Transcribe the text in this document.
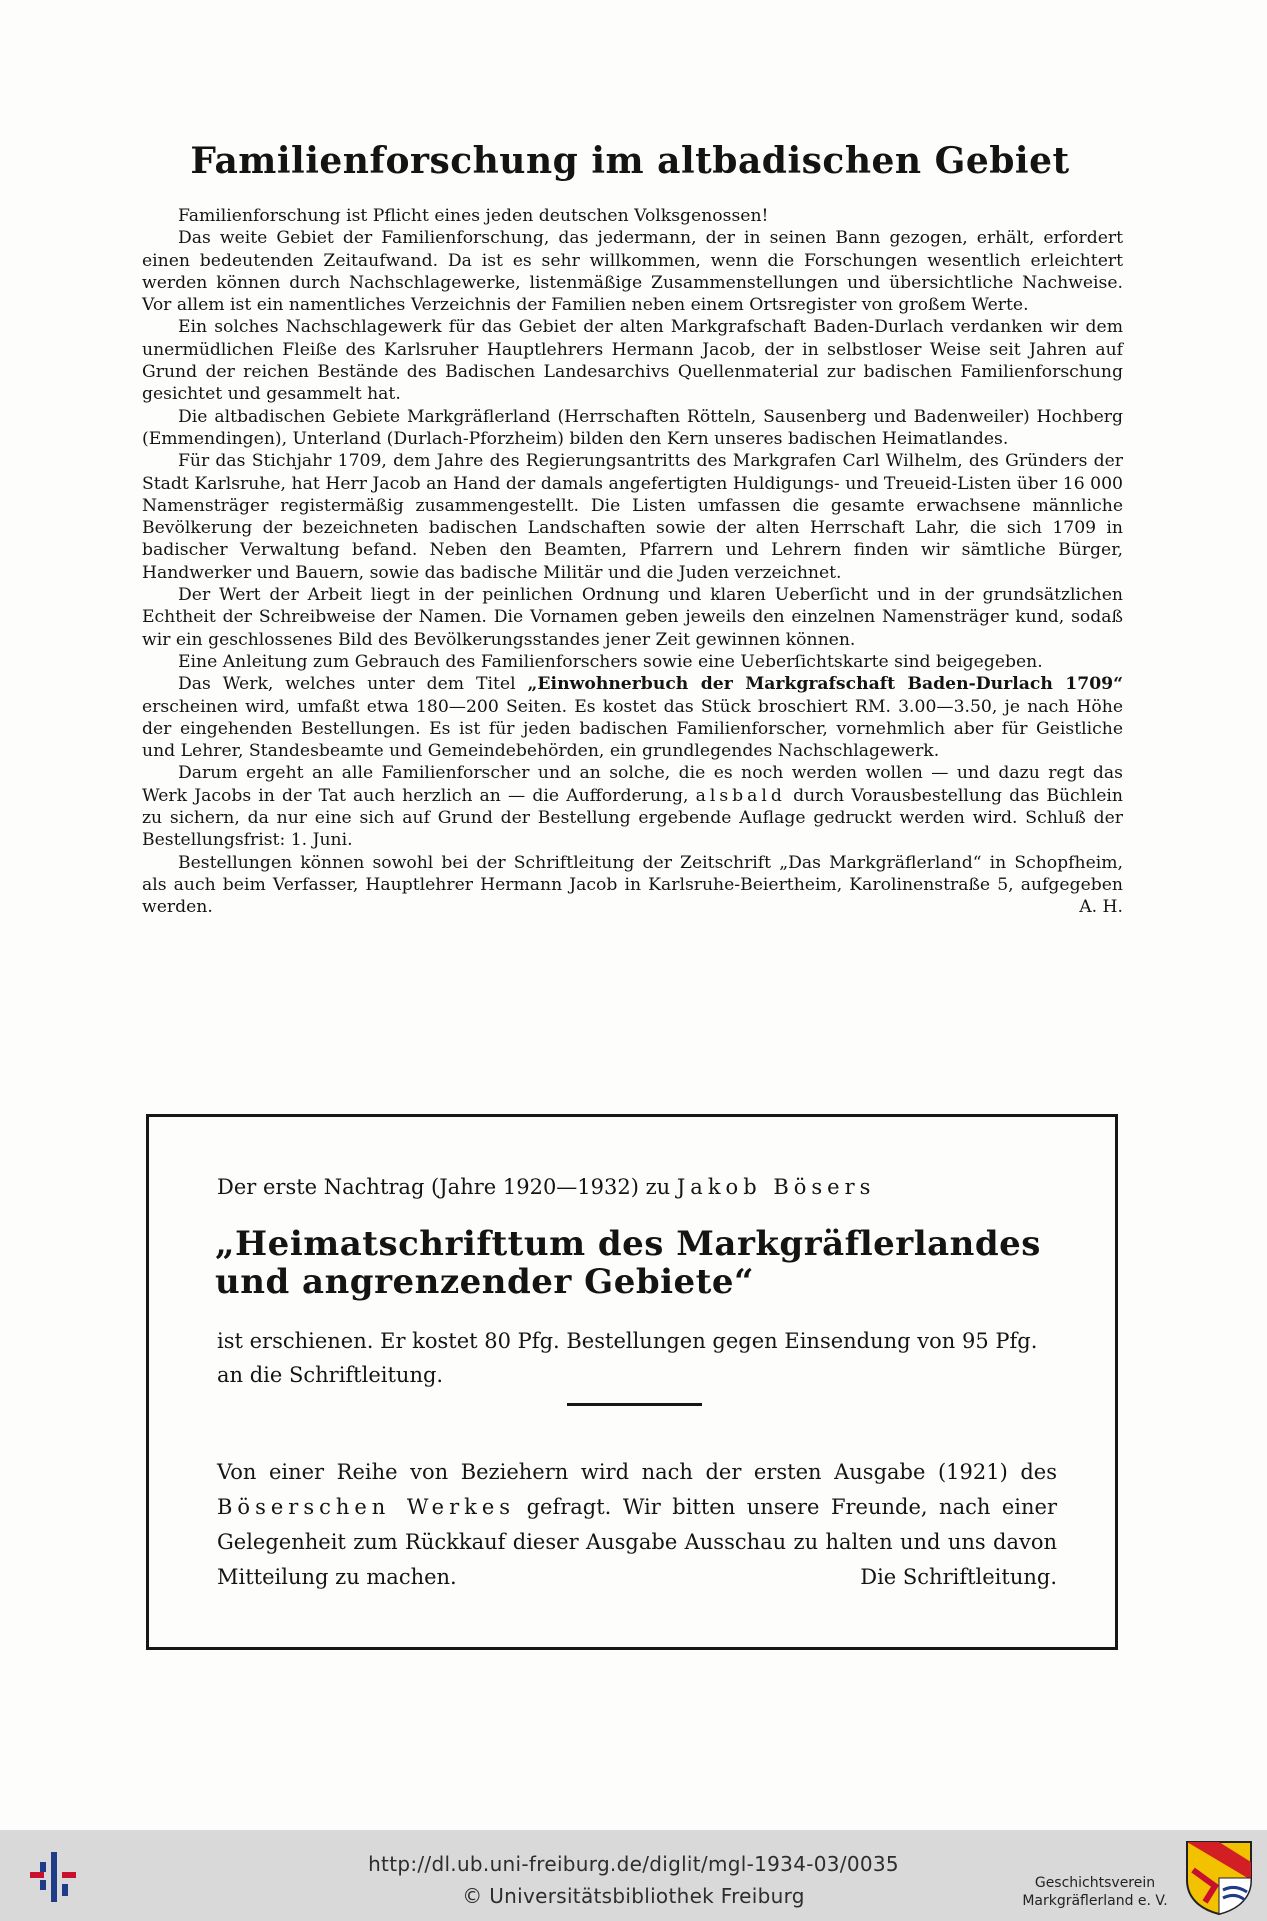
Familienforschung im altbadischen Gebiet

Familienforschung ist Pflicht eines jeden deutschen Volksgenossen!

Das weite Gebiet der Familienforschung, das jedermann, der in seinen Bann gezogen, erhält, erfordert einen bedeutenden Zeitaufwand. Da ist es sehr willkommen, wenn die Forschungen wesentlich erleichtert werden können durch Nachschlagewerke, listenmäßige Zusammenstellungen und übersichtliche Nachweise. Vor allem ist ein namentliches Verzeichnis der Familien neben einem Ortsregister von großem Werte.

Ein solches Nachschlagewerk für das Gebiet der alten Markgrafschaft Baden-Durlach verdanken wir dem unermüdlichen Fleiße des Karlsruher Hauptlehrers Hermann Jacob, der in selbstloser Weise seit Jahren auf Grund der reichen Bestände des Badischen Landesarchivs Quellenmaterial zur badischen Familienforschung gesichtet und gesammelt hat.

Die altbadischen Gebiete Markgräflerland (Herrschaften Rötteln, Sausenberg und Badenweiler) Hochberg (Emmendingen), Unterland (Durlach-Pforzheim) bilden den Kern unseres badischen Heimatlandes.

Für das Stichjahr 1709, dem Jahre des Regierungsantritts des Markgrafen Carl Wilhelm, des Gründers der Stadt Karlsruhe, hat Herr Jacob an Hand der damals angefertigten Huldigungs- und Treueid-Listen über 16 000 Namensträger registermäßig zusammengestellt. Die Listen umfassen die gesamte erwachsene männliche Bevölkerung der bezeichneten badischen Landschaften sowie der alten Herrschaft Lahr, die sich 1709 in badischer Verwaltung befand. Neben den Beamten, Pfarrern und Lehrern finden wir sämtliche Bürger, Handwerker und Bauern, sowie das badische Militär und die Juden verzeichnet.

Der Wert der Arbeit liegt in der peinlichen Ordnung und klaren Ueberſicht und in der grundsätzlichen Echtheit der Schreibweise der Namen. Die Vornamen geben jeweils den einzelnen Namensträger kund, sodaß wir ein geschlossenes Bild des Bevölkerungsstandes jener Zeit gewinnen können.

Eine Anleitung zum Gebrauch des Familienforschers sowie eine Ueberſichtskarte sind beigegeben.

Das Werk, welches unter dem Titel „Einwohnerbuch der Markgrafschaft Baden-Durlach 1709“ erscheinen wird, umfaßt etwa 180—200 Seiten. Es kostet das Stück broschiert RM. 3.00—3.50, je nach Höhe der eingehenden Bestellungen. Es ist für jeden badischen Familienforscher, vornehmlich aber für Geistliche und Lehrer, Standesbeamte und Gemeindebehörden, ein grundlegendes Nachschlagewerk.

Darum ergeht an alle Familienforscher und an solche, die es noch werden wollen — und dazu regt das Werk Jacobs in der Tat auch herzlich an — die Aufforderung, alsbald durch Vorausbestellung das Büchlein zu sichern, da nur eine sich auf Grund der Bestellung ergebende Auflage gedruckt werden wird. Schluß der Bestellungsfrist: 1. Juni.

Bestellungen können sowohl bei der Schriftleitung der Zeitschrift „Das Markgräflerland“ in Schopfheim, als auch beim Verfasser, Hauptlehrer Hermann Jacob in Karlsruhe-Beiertheim, Karolinenstraße 5, aufgegeben werden.	A. H.

Der erste Nachtrag (Jahre 1920—1932) zu Jakob Bösers
„Heimatschrifttum des Markgräflerlandes und angrenzender Gebiete“
ist erschienen. Er kostet 80 Pfg. Bestellungen gegen Einsendung von 95 Pfg. an die Schriftleitung.
Von einer Reihe von Beziehern wird nach der ersten Ausgabe (1921) des Böserschen Werkes gefragt. Wir bitten unsere Freunde, nach einer Gelegenheit zum Rückkauf dieser Ausgabe Ausschau zu halten und uns davon Mitteilung zu machen.	Die Schriftleitung.
http://dl.ub.uni-freiburg.de/diglit/mgl-1934-03/0035
© Universitätsbibliothek Freiburg
Geschichtsverein
Markgräflerland e. V.
